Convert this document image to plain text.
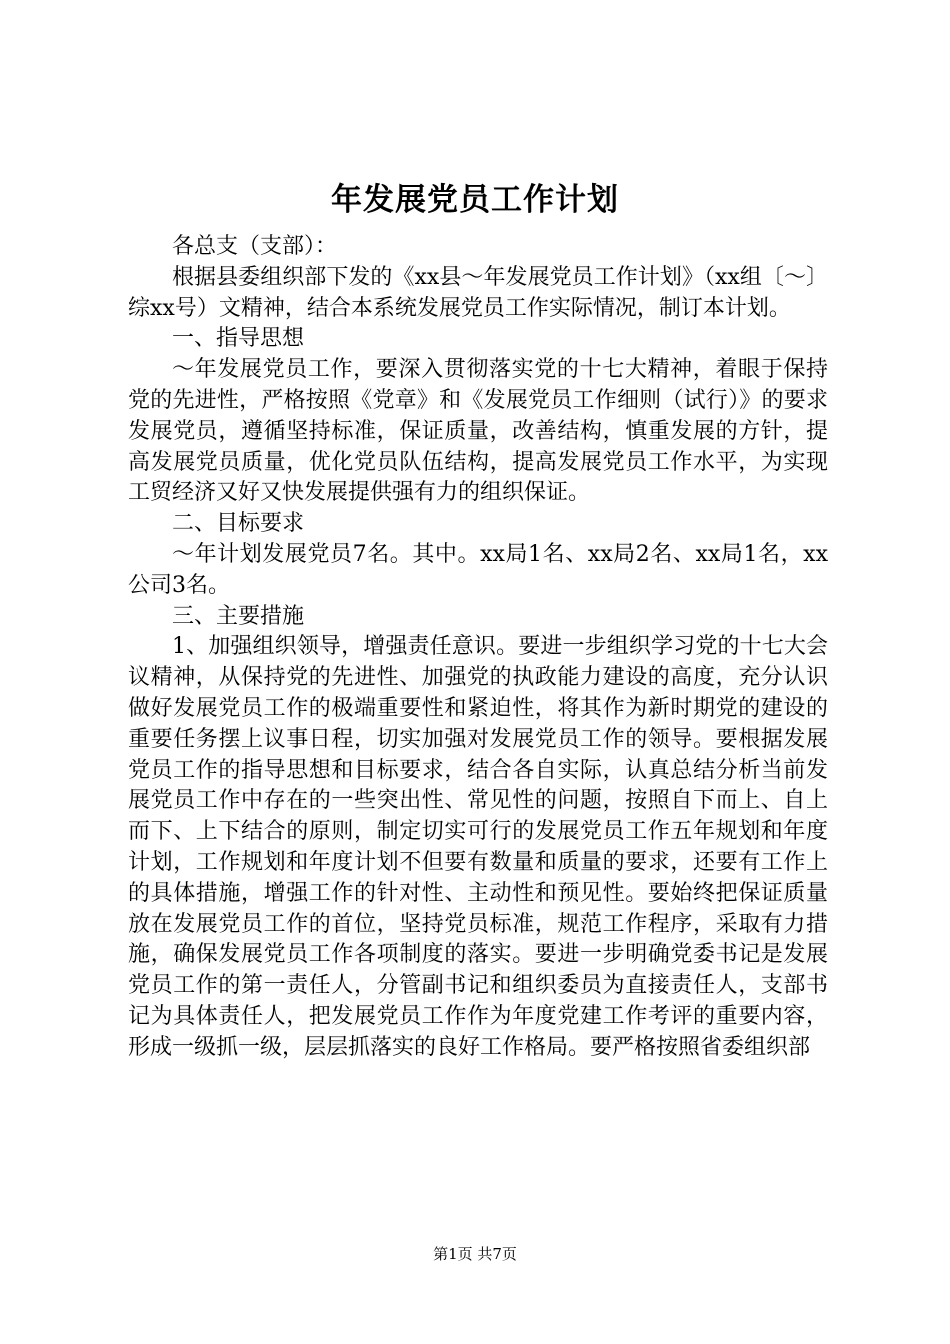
年发展党员工作计划

各总支（支部）：

根据县委组织部下发的《xx县～年发展党员工作计划》（xx组〔～〕综xx号）文精神，结合本系统发展党员工作实际情况，制订本计划。

一、指导思想

～年发展党员工作，要深入贯彻落实党的十七大精神，着眼于保持党的先进性，严格按照《党章》和《发展党员工作细则（试行）》的要求发展党员，遵循坚持标准，保证质量，改善结构，慎重发展的方针，提高发展党员质量，优化党员队伍结构，提高发展党员工作水平，为实现工贸经济又好又快发展提供强有力的组织保证。

二、目标要求

～年计划发展党员7名。其中。xx局1名、xx局2名、xx局1名，xx公司3名。

三、主要措施

1、加强组织领导，增强责任意识。要进一步组织学习党的十七大会议精神，从保持党的先进性、加强党的执政能力建设的高度，充分认识做好发展党员工作的极端重要性和紧迫性，将其作为新时期党的建设的重要任务摆上议事日程，切实加强对发展党员工作的领导。要根据发展党员工作的指导思想和目标要求，结合各自实际，认真总结分析当前发展党员工作中存在的一些突出性、常见性的问题，按照自下而上、自上而下、上下结合的原则，制定切实可行的发展党员工作五年规划和年度计划，工作规划和年度计划不但要有数量和质量的要求，还要有工作上的具体措施，增强工作的针对性、主动性和预见性。要始终把保证质量放在发展党员工作的首位，坚持党员标准，规范工作程序，采取有力措施，确保发展党员工作各项制度的落实。要进一步明确党委书记是发展党员工作的第一责任人，分管副书记和组织委员为直接责任人，支部书记为具体责任人，把发展党员工作作为年度党建工作考评的重要内容，形成一级抓一级，层层抓落实的良好工作格局。要严格按照省委组织部

第1页 共7页
